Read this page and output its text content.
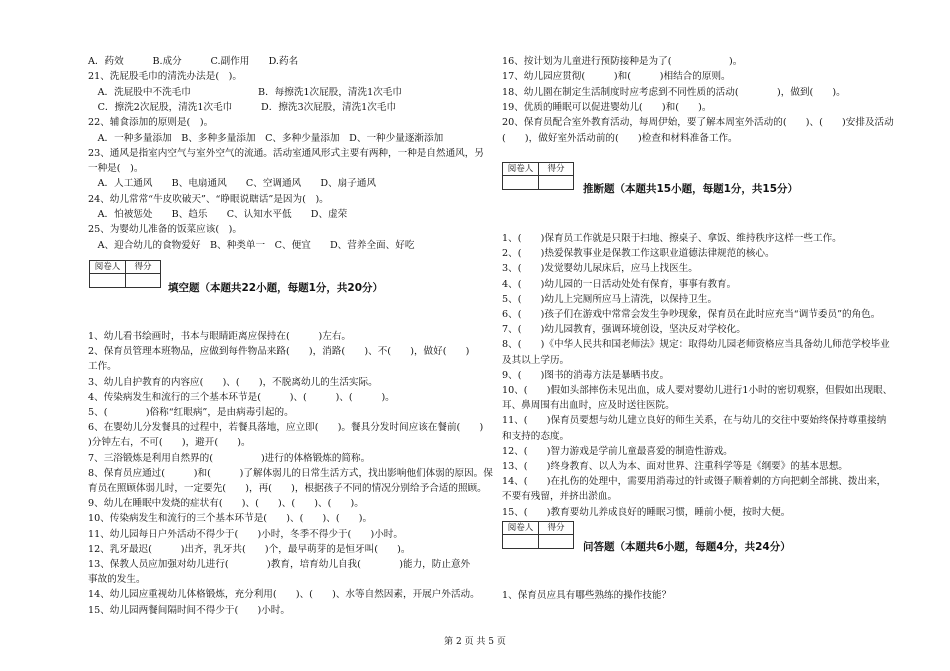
A．药效　　　B.成分　　　C.副作用　　D.药名
21、洗屁股毛巾的清洗办法是(　)。
　A．洗屁股中不洗毛巾　　　　　　　B．每擦洗1次屁股，清洗1次毛巾
　C．擦洗2次屁股，清洗1次毛巾　　　D．擦洗3次屁股，清洗1次毛巾
22、辅食添加的原则是(　)。
　A．一种多量添加　B、多种多量添加　C、多种少量添加　D、一种少量逐渐添加
23、通风是指室内空气与室外空气的流通。活动室通风形式主要有两种，一种是自然通风，另
一种是(　)。
　A．人工通风　　B、电扇通风　　C、空调通风　　D、扇子通风
24、幼儿常常“牛皮吹破天”、“睁眼说瞎话”是因为(　)。
　A．怕被惩处　　B、趋乐　　C、认知水平低　　D、虚荣
25、为婴幼儿准备的饭菜应该(　)。
　A、迎合幼儿的食物爱好　B、种类单一　C、便宜　　D、营养全面、好吃
1、幼儿看书绘画时，书本与眼睛距离应保持在(　　　)左右。
2、保育员管理本班物品，应做到每件物品来路(　　)，消路(　　)、不(　　)，做好(　　)
工作。
3、幼儿自护教育的内容应(　　)、(　　)，不脱离幼儿的生活实际。
4、传染病发生和流行的三个基本环节是(　　　)、(　　　)、(　　　)。
5、(　　　　)俗称“红眼病”，是由病毒引起的。
6、在婴幼儿分发餐具的过程中，若餐具落地，应立即(　　)。餐具分发时间应该在餐前(　　)
)分钟左右，不可(　　)，避开(　　)。
7、三浴锻炼是利用自然界的(　　　　　)进行的体格锻炼的简称。
8、保育员应通过(　　　)和(　　　)了解体弱儿的日常生活方式，找出影响他们体弱的原因。保
育员在照顾体弱儿时，一定要先(　　)，再(　　)，根据孩子不同的情况分别给予合适的照顾。
9、幼儿在睡眠中发烧的症状有(　　)、(　　)、(　　)、(　　)。
10、传染病发生和流行的三个基本环节是(　　)、(　　)、(　　)。
11、幼儿园每日户外活动不得少于(　　)小时，冬季不得少于(　　)小时。
12、乳牙最迟(　　　)出齐，乳牙共(　　)个，最早萌芽的是恒牙叫(　　)。
13、保教人员应加强对幼儿进行(　　　　)教育，培育幼儿自我(　　　　)能力，防止意外
事故的发生。
14、幼儿园应重视幼儿体格锻炼，充分利用(　　)、(　　)、水等自然因素，开展户外活动。
15、幼儿园两餐间隔时间不得少于(　　)小时。
16、按计划为儿童进行预防接种是为了(　　　　　　)。
17、幼儿园应贯彻(　　　)和(　　　)相结合的原则。
18、幼儿園在制定生活制度时应考虑到不同性质的活动(　　　　)，做到(　　)。
19、优质的睡眠可以促进婴幼儿(　　)和(　　)。
20、保育员配合室外教育活动，每周伊始，要了解本周室外活动的(　　)、(　　)安排及活动
(　　)，做好室外活动前的(　　)检查和材料准备工作。
1、(　　)保育员工作就是只限于扫地、擦桌子、拿饭、维持秩序这样一些工作。
2、(　　)热爱保教事业是保教工作这职业道德法律规范的核心。
3、(　　)发觉婴幼儿尿床后，应马上找医生。
4、(　　)幼儿园的一日活动处处有保育，事事有教育。
5、(　　)幼儿上完厕所应马上清洗，以保持卫生。
6、(　　)孩子们在游戏中常常会发生争吵现象，保育员在此时应充当“调节委员”的角色。
7、(　　)幼儿园教育，强调环境创设，坚决反对学校化。
8、(　　)《中华人民共和国老师法》规定：取得幼儿园老师资格应当具备幼儿师范学校毕业
及其以上学历。
9、(　　)图书的消毒方法是暴晒书皮。
10、(　　)假如头部摔伤未见出血，成人要对婴幼儿进行1小时的密切观察，但假如出现眼、
耳、鼻周围有出血时，应及时送往医院。
11、(　　)保育员要想与幼儿建立良好的师生关系，在与幼儿的交往中要始终保持尊重接纳
和支持的态度。
12、(　　)智力游戏是学前儿童最喜爱的制造性游戏。
13、(　　)终身教育、以人为本、面对世界、注重科学等是《纲要》的基本思想。
14、(　　)在扎伤的处理中，需要用消毒过的针或镊子顺着刺的方向把刺全部挑、拨出来，
不要有残留，并挤出淤血。
15、(　　)教育要幼儿养成良好的睡眠习惯，睡前小便，按时大便。
1、保育员应具有哪些熟练的操作技能？
阅卷人	得分
填空题（本题共22小题，每题1分，共20分）
阅卷人	得分
推断题（本题共15小题，每题1分，共15分）
阅卷人	得分
问答题（本题共6小题，每题4分，共24分）
第 2 页 共 5 页
